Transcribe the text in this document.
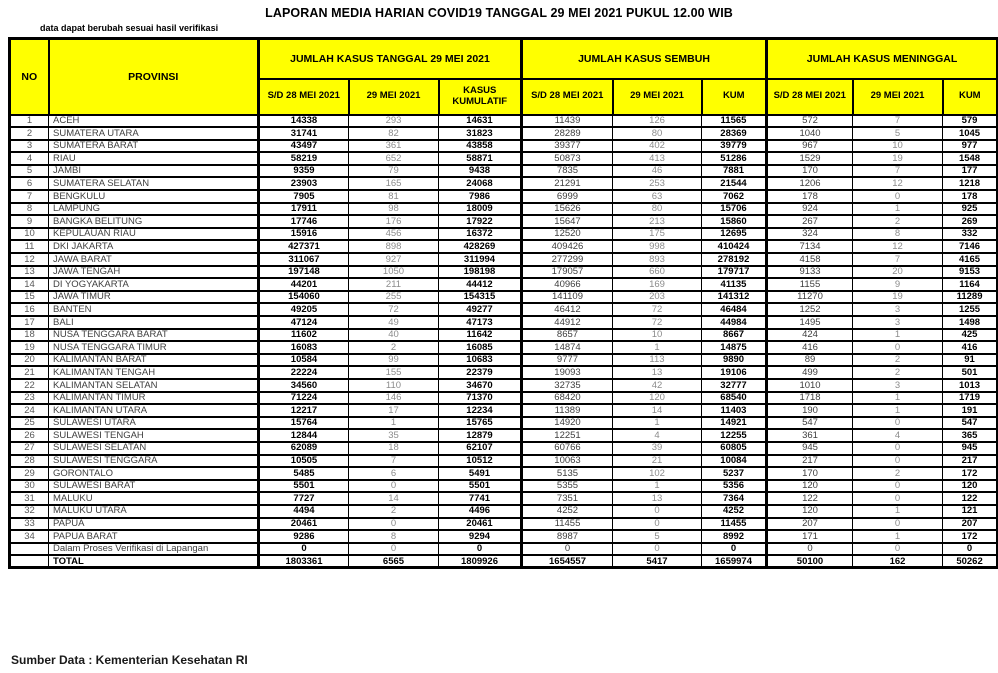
LAPORAN MEDIA HARIAN COVID19 TANGGAL 29 MEI 2021 PUKUL 12.00 WIB
data dapat berubah sesuai hasil verifikasi
NO	PROVINSI	JUMLAH KASUS TANGGAL 29 MEI 2021			JUMLAH KASUS SEMBUH			JUMLAH KASUS MENINGGAL		
		S/D 28 MEI 2021	29 MEI 2021	KASUS KUMULATIF	S/D 28 MEI 2021	29 MEI 2021	KUM	S/D 28 MEI 2021	29 MEI 2021	KUM
1	ACEH	14338	293	14631	11439	126	11565	572	7	579
2	SUMATERA UTARA	31741	82	31823	28289	80	28369	1040	5	1045
3	SUMATERA BARAT	43497	361	43858	39377	402	39779	967	10	977
4	RIAU	58219	652	58871	50873	413	51286	1529	19	1548
5	JAMBI	9359	79	9438	7835	46	7881	170	7	177
6	SUMATERA SELATAN	23903	165	24068	21291	253	21544	1206	12	1218
7	BENGKULU	7905	81	7986	6999	63	7062	178	0	178
8	LAMPUNG	17911	98	18009	15626	80	15706	924	1	925
9	BANGKA BELITUNG	17746	176	17922	15647	213	15860	267	2	269
10	KEPULAUAN RIAU	15916	456	16372	12520	175	12695	324	8	332
11	DKI JAKARTA	427371	898	428269	409426	998	410424	7134	12	7146
12	JAWA BARAT	311067	927	311994	277299	893	278192	4158	7	4165
13	JAWA TENGAH	197148	1050	198198	179057	660	179717	9133	20	9153
14	DI YOGYAKARTA	44201	211	44412	40966	169	41135	1155	9	1164
15	JAWA TIMUR	154060	255	154315	141109	203	141312	11270	19	11289
16	BANTEN	49205	72	49277	46412	72	46484	1252	3	1255
17	BALI	47124	49	47173	44912	72	44984	1495	3	1498
18	NUSA TENGGARA BARAT	11602	40	11642	8657	10	8667	424	1	425
19	NUSA TENGGARA TIMUR	16083	2	16085	14874	1	14875	416	0	416
20	KALIMANTAN BARAT	10584	99	10683	9777	113	9890	89	2	91
21	KALIMANTAN TENGAH	22224	155	22379	19093	13	19106	499	2	501
22	KALIMANTAN SELATAN	34560	110	34670	32735	42	32777	1010	3	1013
23	KALIMANTAN TIMUR	71224	146	71370	68420	120	68540	1718	1	1719
24	KALIMANTAN UTARA	12217	17	12234	11389	14	11403	190	1	191
25	SULAWESI UTARA	15764	1	15765	14920	1	14921	547	0	547
26	SULAWESI TENGAH	12844	35	12879	12251	4	12255	361	4	365
27	SULAWESI SELATAN	62089	18	62107	60766	39	60805	945	0	945
28	SULAWESI TENGGARA	10505	7	10512	10063	21	10084	217	0	217
29	GORONTALO	5485	6	5491	5135	102	5237	170	2	172
30	SULAWESI BARAT	5501	0	5501	5355	1	5356	120	0	120
31	MALUKU	7727	14	7741	7351	13	7364	122	0	122
32	MALUKU UTARA	4494	2	4496	4252	0	4252	120	1	121
33	PAPUA	20461	0	20461	11455	0	11455	207	0	207
34	PAPUA BARAT	9286	8	9294	8987	5	8992	171	1	172
	Dalam Proses Verifikasi di Lapangan	0	0	0	0	0	0	0	0	0
	TOTAL	1803361	6565	1809926	1654557	5417	1659974	50100	162	50262
Sumber Data : Kementerian Kesehatan RI
